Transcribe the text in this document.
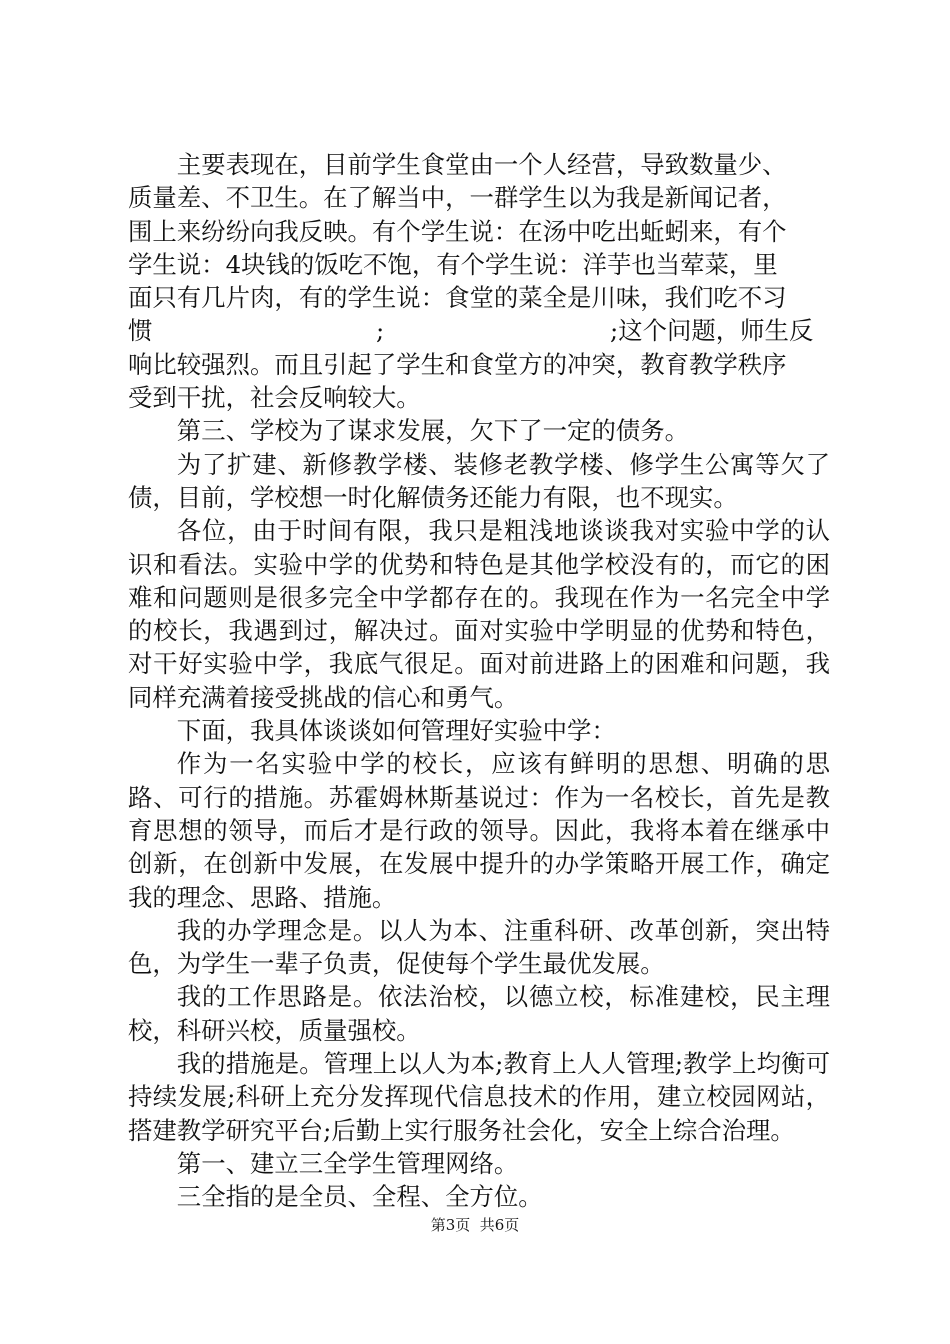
主要表现在，目前学生食堂由一个人经营，导致数量少、
质量差、不卫生。在了解当中，一群学生以为我是新闻记者，
围上来纷纷向我反映。有个学生说：在汤中吃出蚯蚓来，有个
学生说：4块钱的饭吃不饱，有个学生说：洋芋也当荤菜，里
面只有几片肉，有的学生说：食堂的菜全是川味，我们吃不习
惯	;	;这个问题，师生反
响比较强烈。而且引起了学生和食堂方的冲突，教育教学秩序
受到干扰，社会反响较大。

第三、学校为了谋求发展，欠下了一定的债务。

为了扩建、新修教学楼、装修老教学楼、修学生公寓等欠了债，目前，学校想一时化解债务还能力有限，也不现实。

各位，由于时间有限，我只是粗浅地谈谈我对实验中学的认识和看法。实验中学的优势和特色是其他学校没有的，而它的困难和问题则是很多完全中学都存在的。我现在作为一名完全中学的校长，我遇到过，解决过。面对实验中学明显的优势和特色，对干好实验中学，我底气很足。面对前进路上的困难和问题，我同样充满着接受挑战的信心和勇气。

下面，我具体谈谈如何管理好实验中学：

作为一名实验中学的校长，应该有鲜明的思想、明确的思路、可行的措施。苏霍姆林斯基说过：作为一名校长，首先是教育思想的领导，而后才是行政的领导。因此，我将本着在继承中创新，在创新中发展，在发展中提升的办学策略开展工作，确定我的理念、思路、措施。

我的办学理念是。以人为本、注重科研、改革创新，突出特色，为学生一辈子负责，促使每个学生最优发展。

我的工作思路是。依法治校，以德立校，标准建校，民主理校，科研兴校，质量强校。

我的措施是。管理上以人为本;教育上人人管理;教学上均衡可持续发展;科研上充分发挥现代信息技术的作用，建立校园网站，搭建教学研究平台;后勤上实行服务社会化，安全上综合治理。

第一、建立三全学生管理网络。

三全指的是全员、全程、全方位。

第3页  共6页
